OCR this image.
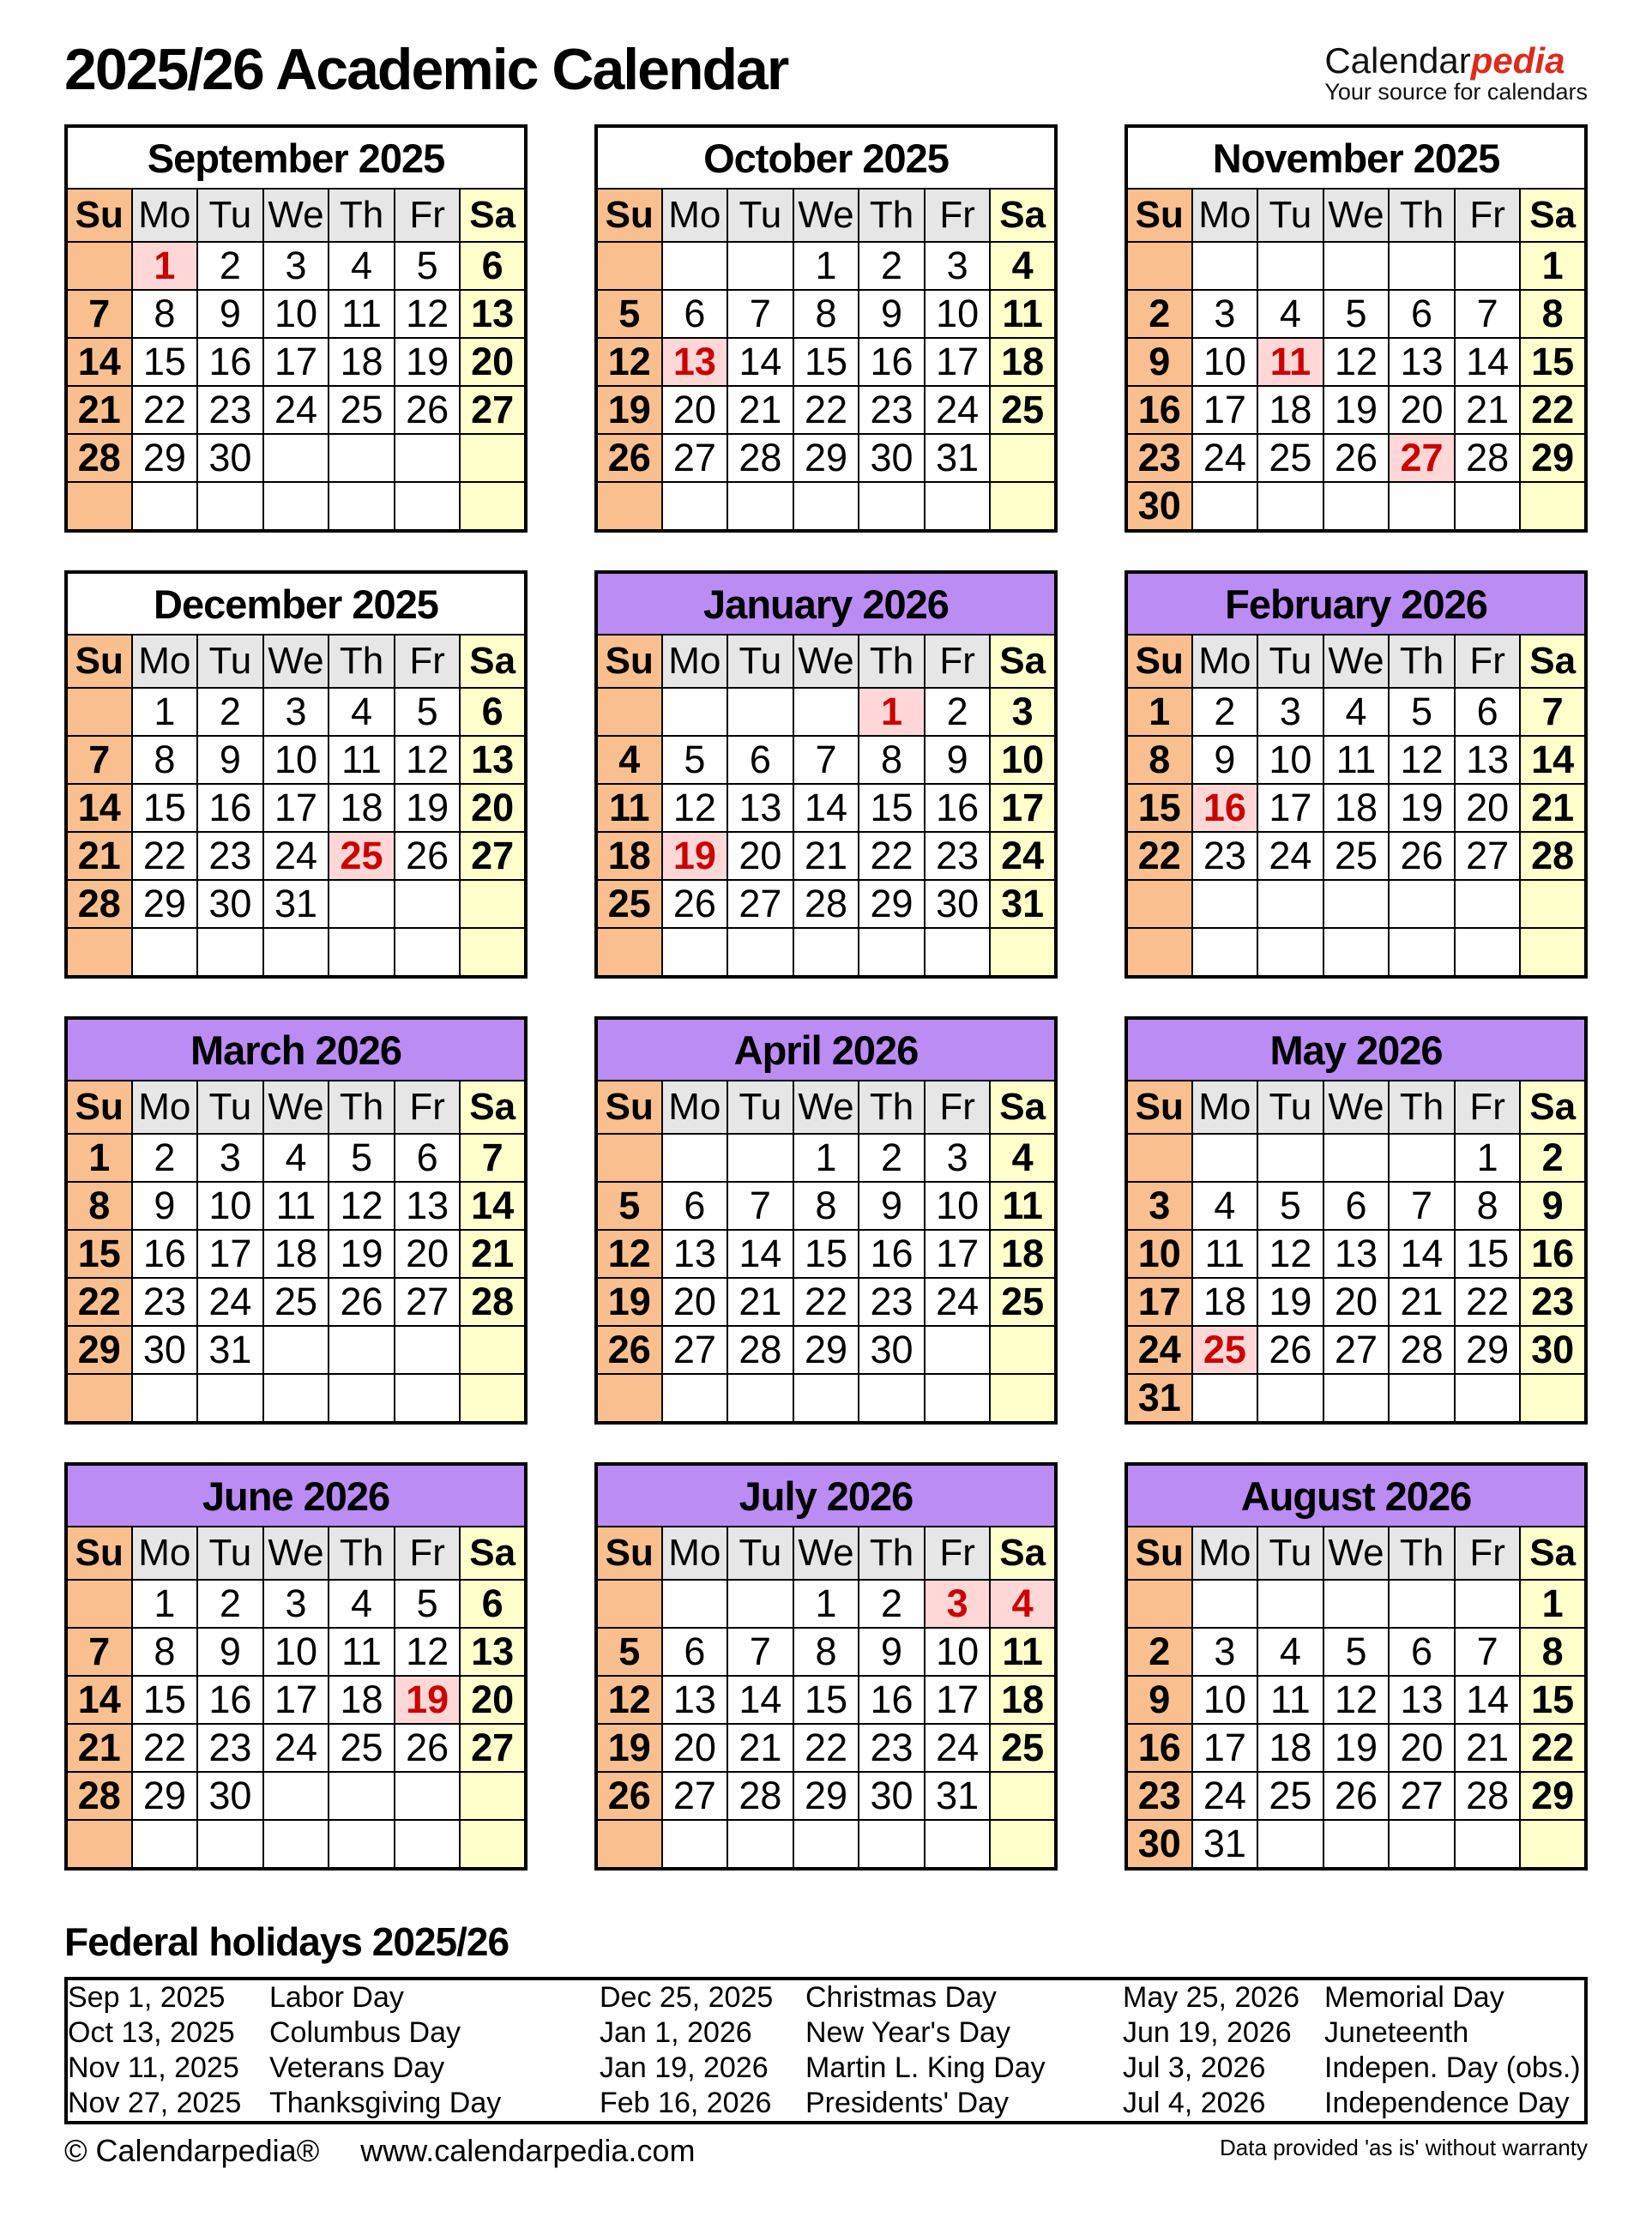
2025/26 Academic Calendar	Calendarpedia
Your source for calendars
September 2025						
Su	Mo	Tu	We	Th	Fr	Sa
	1	2	3	4	5	6
7	8	9	10	11	12	13
14	15	16	17	18	19	20
21	22	23	24	25	26	27
28	29	30				

October 2025						
Su	Mo	Tu	We	Th	Fr	Sa
			1	2	3	4
5	6	7	8	9	10	11
12	13	14	15	16	17	18
19	20	21	22	23	24	25
26	27	28	29	30	31	

November 2025						
Su	Mo	Tu	We	Th	Fr	Sa
						1
2	3	4	5	6	7	8
9	10	11	12	13	14	15
16	17	18	19	20	21	22
23	24	25	26	27	28	29
30						
December 2025						
Su	Mo	Tu	We	Th	Fr	Sa
	1	2	3	4	5	6
7	8	9	10	11	12	13
14	15	16	17	18	19	20
21	22	23	24	25	26	27
28	29	30	31			

January 2026						
Su	Mo	Tu	We	Th	Fr	Sa
				1	2	3
4	5	6	7	8	9	10
11	12	13	14	15	16	17
18	19	20	21	22	23	24
25	26	27	28	29	30	31

February 2026						
Su	Mo	Tu	We	Th	Fr	Sa
1	2	3	4	5	6	7
8	9	10	11	12	13	14
15	16	17	18	19	20	21
22	23	24	25	26	27	28

March 2026						
Su	Mo	Tu	We	Th	Fr	Sa
1	2	3	4	5	6	7
8	9	10	11	12	13	14
15	16	17	18	19	20	21
22	23	24	25	26	27	28
29	30	31				

April 2026						
Su	Mo	Tu	We	Th	Fr	Sa
			1	2	3	4
5	6	7	8	9	10	11
12	13	14	15	16	17	18
19	20	21	22	23	24	25
26	27	28	29	30		

May 2026						
Su	Mo	Tu	We	Th	Fr	Sa
					1	2
3	4	5	6	7	8	9
10	11	12	13	14	15	16
17	18	19	20	21	22	23
24	25	26	27	28	29	30
31						
June 2026						
Su	Mo	Tu	We	Th	Fr	Sa
	1	2	3	4	5	6
7	8	9	10	11	12	13
14	15	16	17	18	19	20
21	22	23	24	25	26	27
28	29	30				

July 2026						
Su	Mo	Tu	We	Th	Fr	Sa
			1	2	3	4
5	6	7	8	9	10	11
12	13	14	15	16	17	18
19	20	21	22	23	24	25
26	27	28	29	30	31	

August 2026						
Su	Mo	Tu	We	Th	Fr	Sa
						1
2	3	4	5	6	7	8
9	10	11	12	13	14	15
16	17	18	19	20	21	22
23	24	25	26	27	28	29
30	31					
Federal holidays 2025/26
Sep 1, 2025	Labor Day	Dec 25, 2025	Christmas Day	May 25, 2026	Memorial Day
Oct 13, 2025	Columbus Day	Jan 1, 2026	New Year's Day	Jun 19, 2026	Juneteenth
Nov 11, 2025	Veterans Day	Jan 19, 2026	Martin L. King Day	Jul 3, 2026	Indepen. Day (obs.)
Nov 27, 2025	Thanksgiving Day	Feb 16, 2026	Presidents' Day	Jul 4, 2026	Independence Day
© Calendarpedia® www.calendarpedia.com	Data provided 'as is' without warranty
